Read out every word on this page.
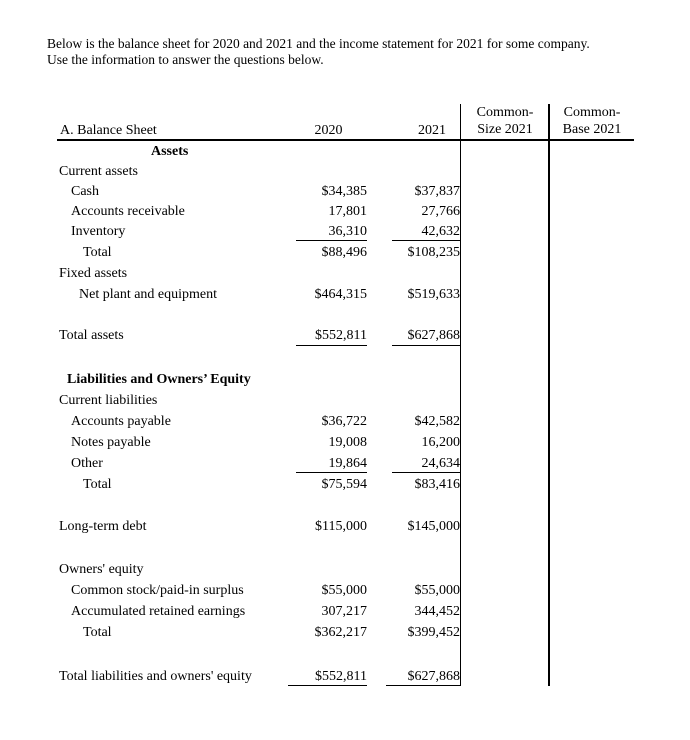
Below is the balance sheet for 2020 and 2021 and the income statement for 2021 for some company.
Use the information to answer the questions below.
Common-
Size 2021
Common-
Base 2021
A. Balance Sheet	2020	2021
Assets
Current assets
Cash	$34,385	$37,837
Accounts receivable	17,801	27,766
Inventory	36,310	42,632
Total	$88,496	$108,235
Fixed assets
Net plant and equipment	$464,315	$519,633
Total assets	$552,811	$627,868
Liabilities and Owners’ Equity
Current liabilities
Accounts payable	$36,722	$42,582
Notes payable	19,008	16,200
Other	19,864	24,634
Total	$75,594	$83,416
Long-term debt	$115,000	$145,000
Owners' equity
Common stock/paid-in surplus	$55,000	$55,000
Accumulated retained earnings	307,217	344,452
Total	$362,217	$399,452
Total liabilities and owners' equity	$552,811	$627,868
